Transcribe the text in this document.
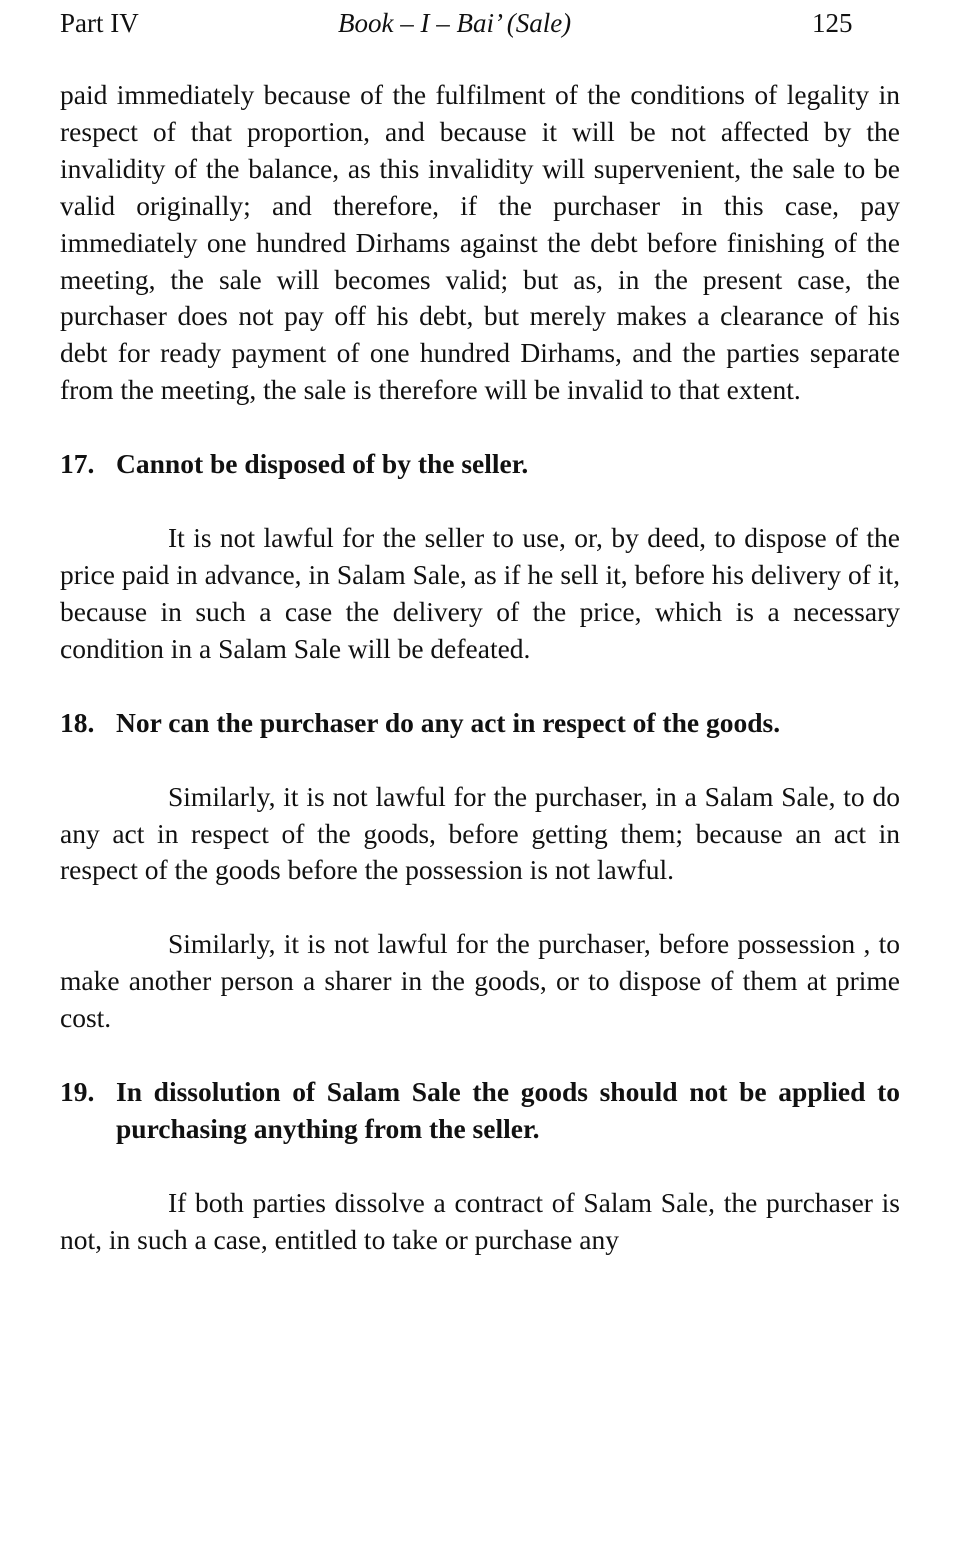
Part IV	Book – I – Bai’ (Sale)	125

paid immediately because of the fulfilment of the conditions of legality in respect of that proportion, and because it will be not affected by the invalidity of the balance, as this invalidity will supervenient, the sale to be valid originally; and therefore, if the purchaser in this case, pay immediately one hundred Dirhams against the debt before finishing of the meeting, the sale will becomes valid; but as, in the present case, the purchaser does not pay off his debt, but merely makes a clearance of his debt for ready payment of one hundred Dirhams, and the parties separate from the meeting, the sale is therefore will be invalid to that extent.

17. Cannot be disposed of by the seller.

It is not lawful for the seller to use, or, by deed, to dispose of the price paid in advance, in Salam Sale, as if he sell it, before his delivery of it, because in such a case the delivery of the price, which is a necessary condition in a Salam Sale will be defeated.

18. Nor can the purchaser do any act in respect of the goods.

Similarly, it is not lawful for the purchaser, in a Salam Sale, to do any act in respect of the goods, before getting them; because an act in respect of the goods before the possession is not lawful.

Similarly, it is not lawful for the purchaser, before possession , to make another person a sharer in the goods, or to dispose of them at prime cost.

19. In dissolution of Salam Sale the goods should not be applied to purchasing anything from the seller.

If both parties dissolve a contract of Salam Sale, the purchaser is not, in such a case, entitled to take or purchase any
